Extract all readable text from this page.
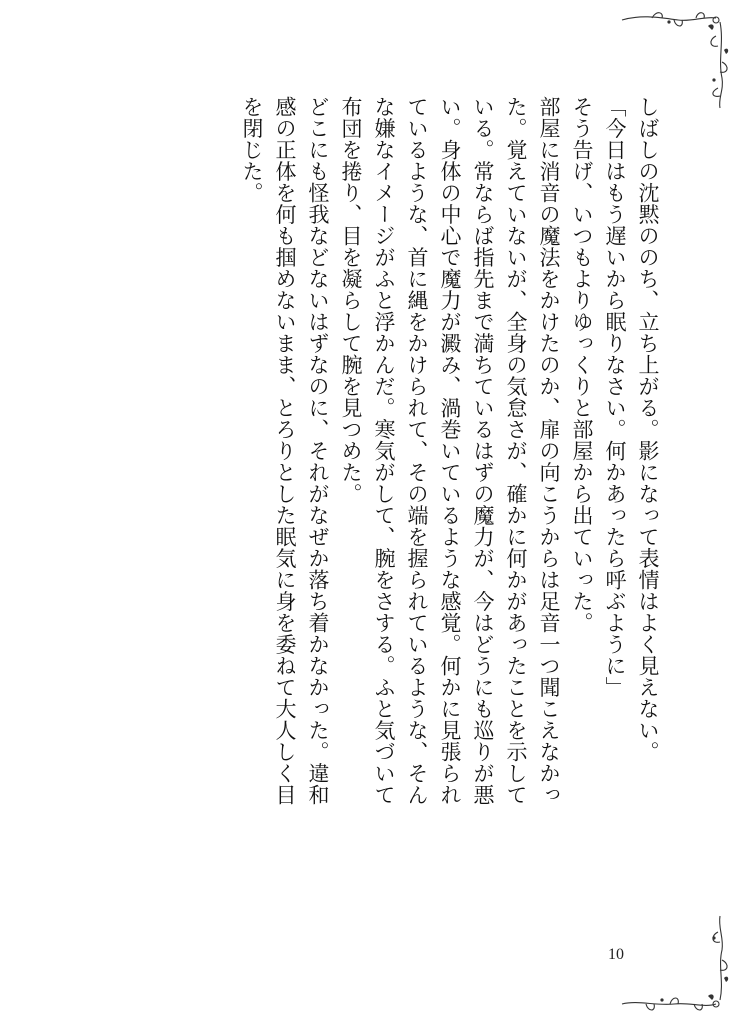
しばしの沈黙ののち、立ち上がる。影になって表情はよく見えない。

「今日はもう遅いから眠りなさい。何かあったら呼ぶように」

そう告げ、いつもよりゆっくりと部屋から出ていった。

部屋に消音の魔法をかけたのか、扉の向こうからは足音一つ聞こえなかった。覚えていないが、全身の気怠さが、確かに何かがあったことを示している。常ならば指先まで満ちているはずの魔力が、今はどうにも巡りが悪い。身体の中心で魔力が澱み、渦巻いているような感覚。何かに見張られているような、首に縄をかけられて、その端を握られているような、そんな嫌なイメージがふと浮かんだ。寒気がして、腕をさする。ふと気づいて布団を捲り、目を凝らして腕を見つめた。

どこにも怪我などないはずなのに、それがなぜか落ち着かなかった。違和感の正体を何も掴めないまま、とろりとした眠気に身を委ねて大人しく目を閉じた。

10
